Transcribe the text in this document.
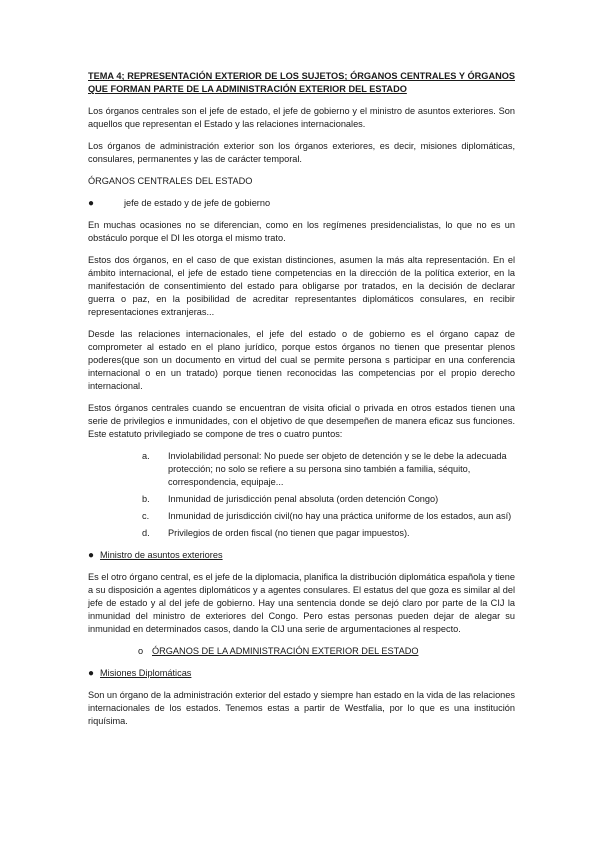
TEMA 4; REPRESENTACIÓN EXTERIOR DE LOS SUJETOS; ÓRGANOS CENTRALES Y ÓRGANOS QUE FORMAN PARTE DE LA ADMINISTRACIÓN EXTERIOR DEL ESTADO

Los órganos centrales son el jefe de estado, el jefe de gobierno y el ministro de asuntos exteriores. Son aquellos que representan el Estado y las relaciones internacionales.

Los órganos de administración exterior son los órganos exteriores, es decir, misiones diplomáticas, consulares, permanentes y las de carácter temporal.

ÓRGANOS CENTRALES DEL ESTADO

●	jefe de estado y de jefe de gobierno

En muchas ocasiones no se diferencian, como en los regímenes presidencialistas, lo que no es un obstáculo porque el DI les otorga el mismo trato.

Estos dos órganos, en el caso de que existan distinciones, asumen la más alta representación. En el ámbito internacional, el jefe de estado tiene competencias en la dirección de la política exterior, en la manifestación de consentimiento del estado para obligarse por tratados, en la decisión de declarar guerra o paz, en la posibilidad de acreditar representantes diplomáticos consulares, en recibir representaciones extranjeras...

Desde las relaciones internacionales, el jefe del estado o de gobierno es el órgano capaz de comprometer al estado en el plano jurídico, porque estos órganos no tienen que presentar plenos poderes(que son un documento en virtud del cual se permite persona s participar en una conferencia internacional o en un tratado) porque tienen reconocidas las competencias por el propio derecho internacional.

Estos órganos centrales cuando se encuentran de visita oficial o privada en otros estados tienen una serie de privilegios e inmunidades, con el objetivo de que desempeñen de manera eficaz sus funciones. Este estatuto privilegiado se compone de tres o cuatro puntos:

a.	Inviolabilidad personal: No puede ser objeto de detención y se le debe la adecuada protección; no solo se refiere a su persona sino también a familia, séquito, correspondencia, equipaje...
b.	Inmunidad de jurisdicción penal absoluta (orden detención Congo)
c.	Inmunidad de jurisdicción civil(no hay una práctica uniforme de los estados, aun así)
d.	Privilegios de orden fiscal (no tienen que pagar impuestos).
● Ministro de asuntos exteriores

Es el otro órgano central, es el jefe de la diplomacia, planifica la distribución diplomática española y tiene a su disposición a agentes diplomáticos y a agentes consulares. El estatus del que goza es similar al del jefe de estado y al del jefe de gobierno. Hay una sentencia donde se dejó claro por parte de la CIJ la inmunidad del ministro de exteriores del Congo. Pero estas personas pueden dejar de alegar su inmunidad en determinados casos, dando la CIJ una serie de argumentaciones al respecto.

o ÓRGANOS DE LA ADMINISTRACIÓN EXTERIOR DEL ESTADO
● Misiones Diplomáticas

Son un órgano de la administración exterior del estado y siempre han estado en la vida de las relaciones internacionales de los estados. Tenemos estas a partir de Westfalia, por lo que es una institución riquísima.
